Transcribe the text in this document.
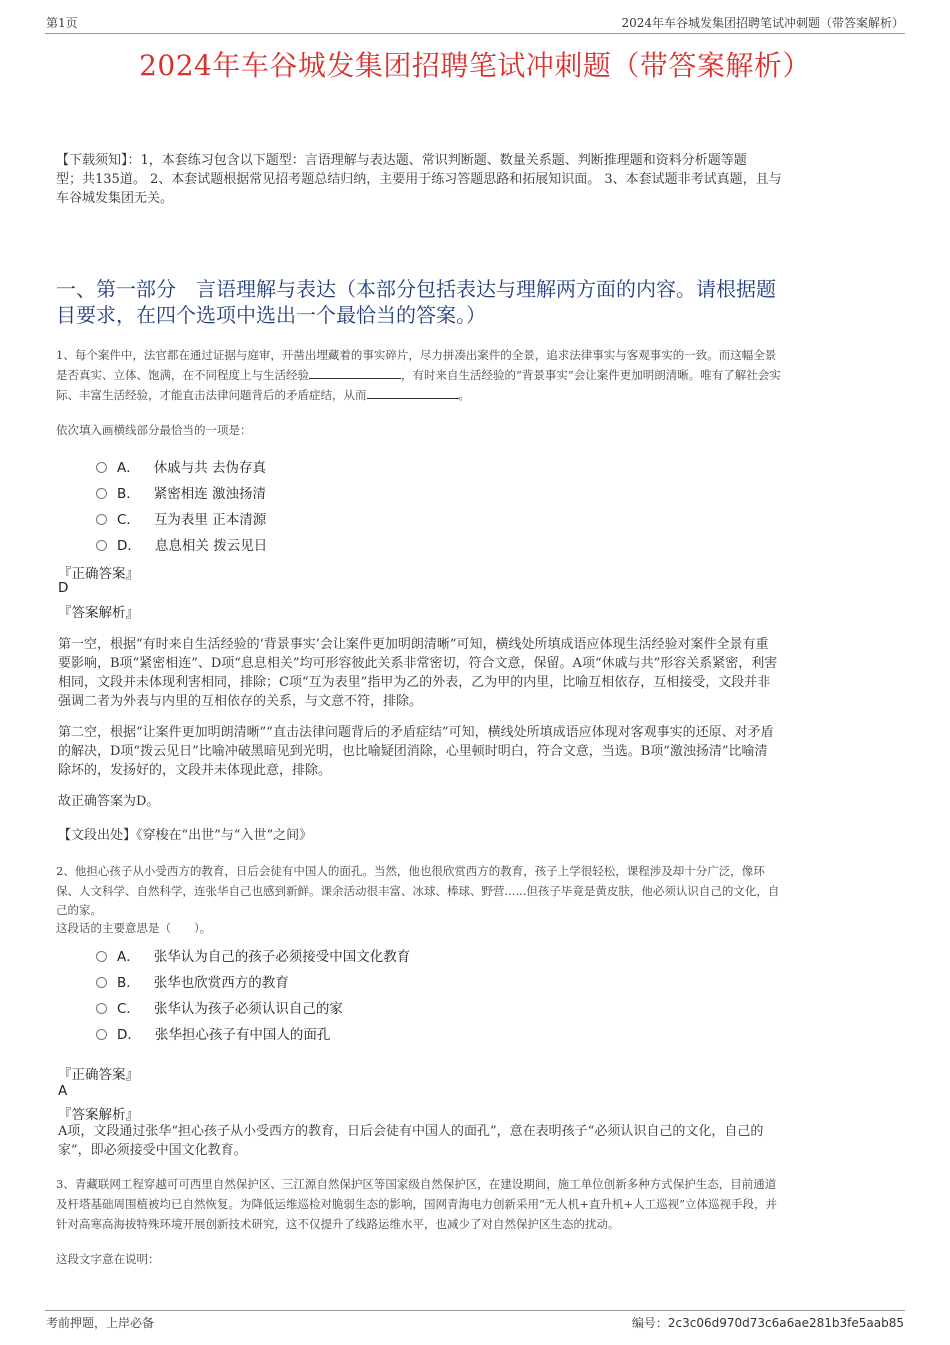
第1页	2024年车谷城发集团招聘笔试冲刺题（带答案解析）
2024年车谷城发集团招聘笔试冲刺题（带答案解析）
【下载须知】：1，本套练习包含以下题型：言语理解与表达题、常识判断题、数量关系题、判断推理题和资料分析题等题
型；共135道。 2、本套试题根据常见招考题总结归纳，主要用于练习答题思路和拓展知识面。 3、本套试题非考试真题，且与
车谷城发集团无关。
一、第一部分　言语理解与表达（本部分包括表达与理解两方面的内容。请根据题
目要求，在四个选项中选出一个最恰当的答案。）
1、每个案件中，法官都在通过证据与庭审，开凿出埋藏着的事实碎片，尽力拼凑出案件的全景，追求法律事实与客观事实的一致。而这幅全景
是否真实、立体、饱满，在不同程度上与生活经验	，有时来自生活经验的“背景事实”会让案件更加明朗清晰。唯有了解社会实
际、丰富生活经验，才能直击法律问题背后的矛盾症结，从而	。
依次填入画横线部分最恰当的一项是：
A． 休戚与共 去伪存真
B． 紧密相连 激浊扬清
C． 互为表里 正本清源
D． 息息相关 拨云见日
『正确答案』
D
『答案解析』
第一空，根据“有时来自生活经验的‘背景事实’会让案件更加明朗清晰”可知，横线处所填成语应体现生活经验对案件全景有重
要影响，B项“紧密相连”、D项“息息相关”均可形容彼此关系非常密切，符合文意，保留。A项“休戚与共”形容关系紧密，利害
相同，文段并未体现利害相同，排除；C项“互为表里”指甲为乙的外表，乙为甲的内里，比喻互相依存，互相接受，文段并非
强调二者为外表与内里的互相依存的关系，与文意不符，排除。
第二空，根据“让案件更加明朗清晰”“直击法律问题背后的矛盾症结”可知，横线处所填成语应体现对客观事实的还原、对矛盾
的解决，D项“拨云见日”比喻冲破黑暗见到光明，也比喻疑团消除，心里顿时明白，符合文意，当选。B项“激浊扬清”比喻清
除坏的，发扬好的，文段并未体现此意，排除。
故正确答案为D。
【文段出处】《穿梭在“出世”与“入世”之间》
2、他担心孩子从小受西方的教育，日后会徒有中国人的面孔。当然，他也很欣赏西方的教育，孩子上学很轻松，课程涉及却十分广泛，像环
保、人文科学、自然科学，连张华自己也感到新鲜。课余活动很丰富、冰球、棒球、野营......但孩子毕竟是黄皮肤，他必须认识自己的文化，自
己的家。
这段话的主要意思是（　　）。
A． 张华认为自己的孩子必须接受中国文化教育
B． 张华也欣赏西方的教育
C． 张华认为孩子必须认识自己的家
D． 张华担心孩子有中国人的面孔
『正确答案』
A
『答案解析』
A项，文段通过张华“担心孩子从小受西方的教育，日后会徒有中国人的面孔”，意在表明孩子“必须认识自己的文化，自己的
家”，即必须接受中国文化教育。
3、青藏联网工程穿越可可西里自然保护区、三江源自然保护区等国家级自然保护区，在建设期间，施工单位创新多种方式保护生态，目前通道
及杆塔基础周围植被均已自然恢复。为降低运维巡检对脆弱生态的影响，国网青海电力创新采用“无人机+直升机+人工巡视”立体巡视手段，并
针对高寒高海拔特殊环境开展创新技术研究，这不仅提升了线路运维水平，也减少了对自然保护区生态的扰动。
这段文字意在说明：
考前押题，上岸必备	编号：2c3c06d970d73c6a6ae281b3fe5aab85
